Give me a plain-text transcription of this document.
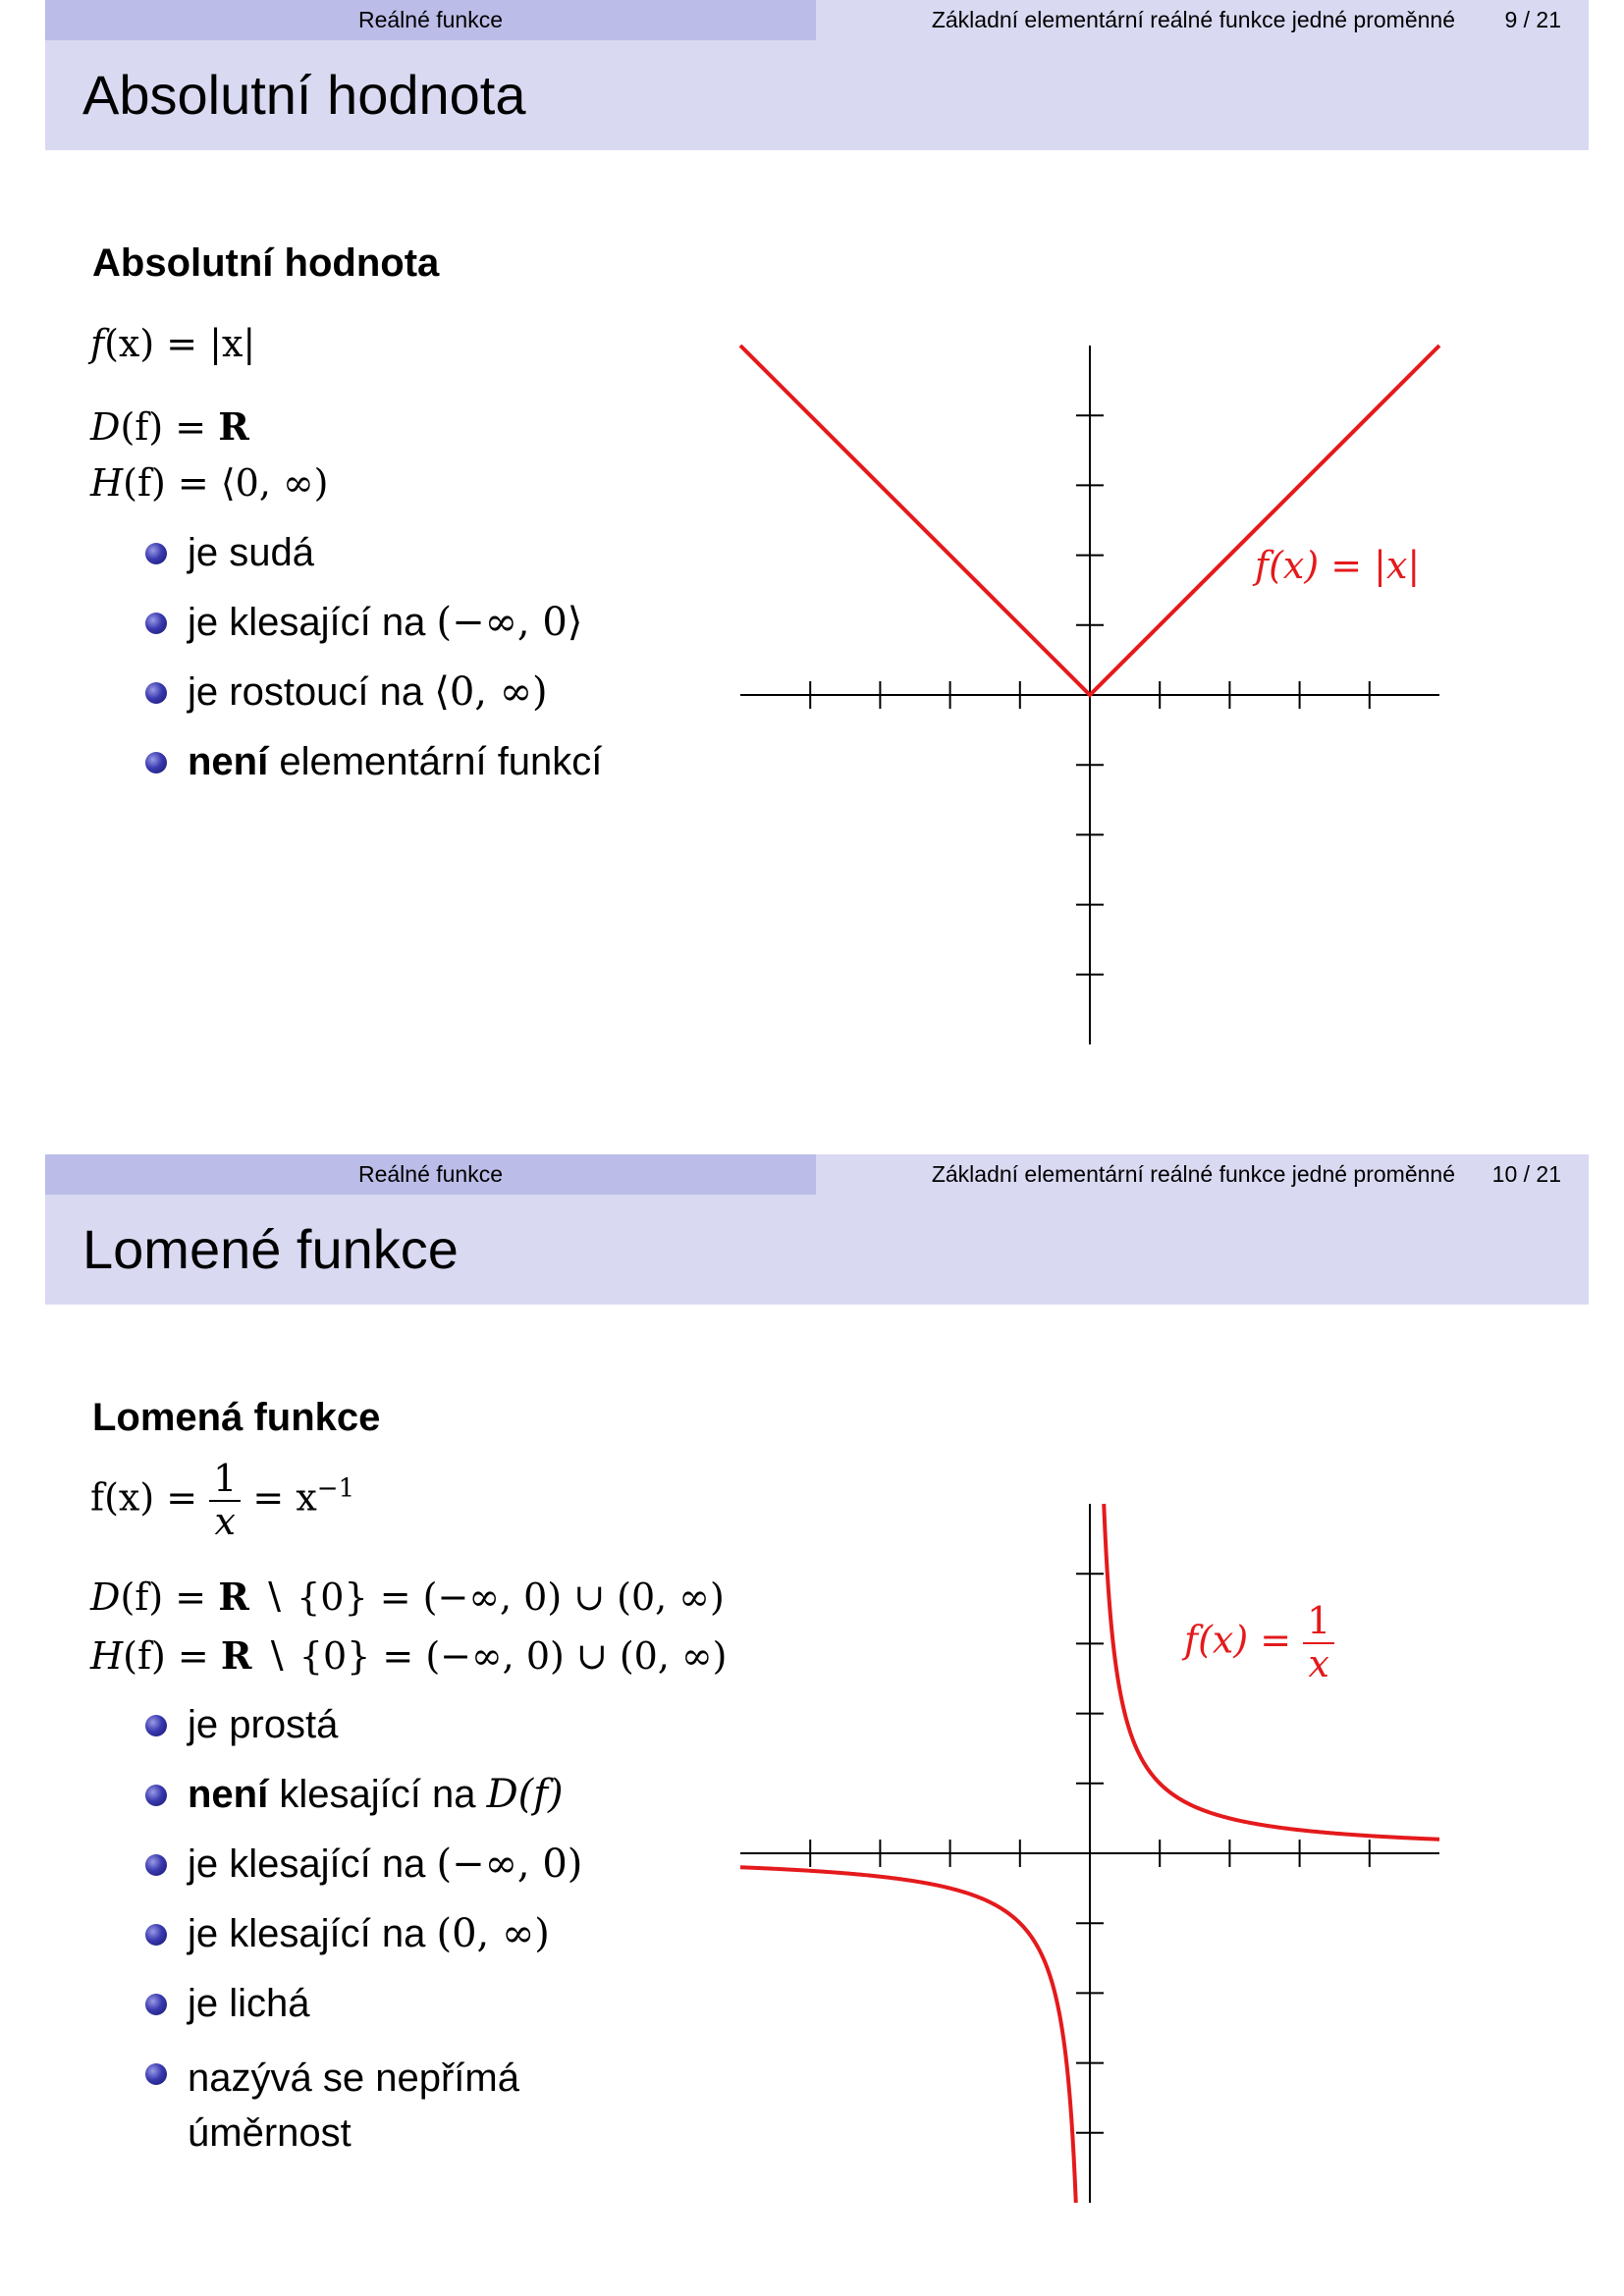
Reálné funkce	Základní elementární reálné funkce jedné proměnné 9 / 21
Absolutní hodnota
Absolutní hodnota
f(x) = |x|
D(f) = R
H(f) = ⟨0, ∞)
je sudá
je klesající na (−∞, 0⟩
je rostoucí na ⟨0, ∞)
není elementární funkcí
f(x) = |x|
Reálné funkce	Základní elementární reálné funkce jedné proměnné 10 / 21
Lomené funkce
Lomená funkce
$f(x) = \frac{1}{x} = x^{-1}$
D(f) = R ∖ {0} = (−∞, 0) ∪ (0, ∞)
H(f) = R ∖ {0} = (−∞, 0) ∪ (0, ∞)
je prostá
není klesající na D(f)
je klesající na (−∞, 0)
je klesající na (0, ∞)
je lichá
nazývá se nepřímá úměrnost
$f(x) = \frac{1}{x}$
